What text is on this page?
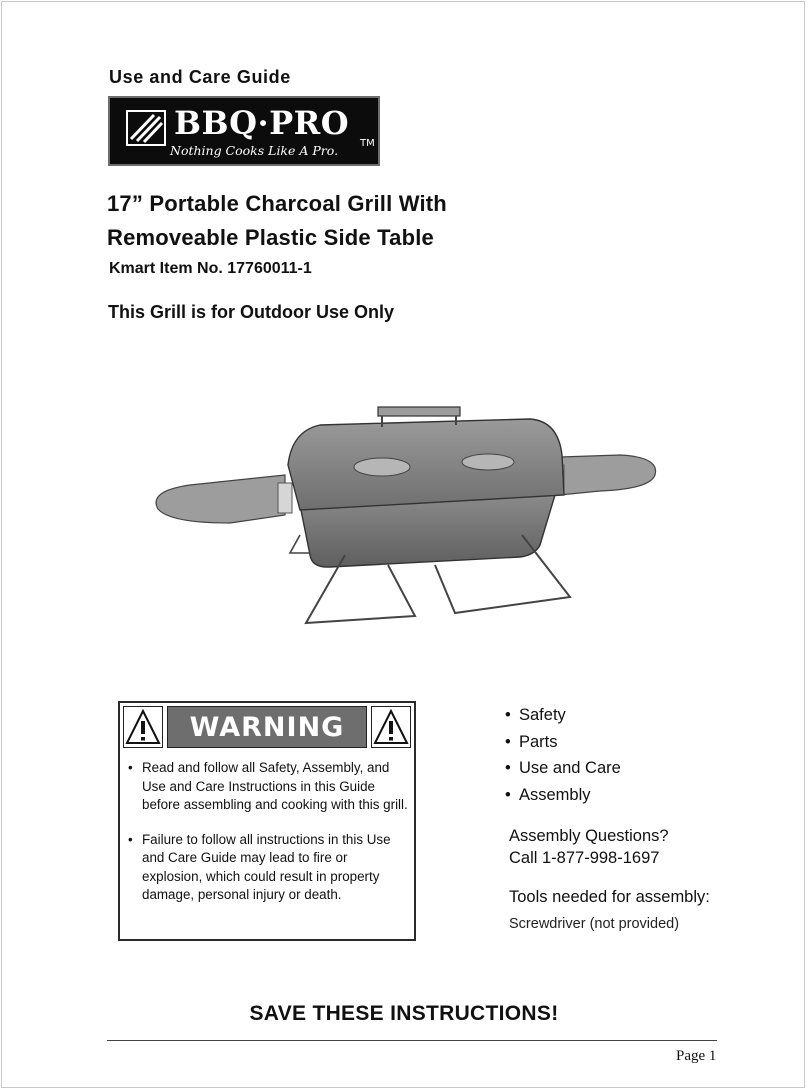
Use and Care Guide
BBQ·PRO
TM
Nothing Cooks Like A Pro.
17” Portable Charcoal Grill With
Removeable Plastic Side Table
Kmart Item No. 17760011-1
This Grill is for Outdoor Use Only
WARNING
• Read and follow all Safety, Assembly, and Use and Care Instructions in this Guide before assembling and cooking with this grill.
• Failure to follow all instructions in this Use and Care Guide may lead to fire or explosion, which could result in property damage, personal injury or death.
• Safety
• Parts
• Use and Care
• Assembly
Assembly Questions?
Call 1-877-998-1697
Tools needed for assembly:
Screwdriver (not provided)
SAVE THESE INSTRUCTIONS!
Page 1
